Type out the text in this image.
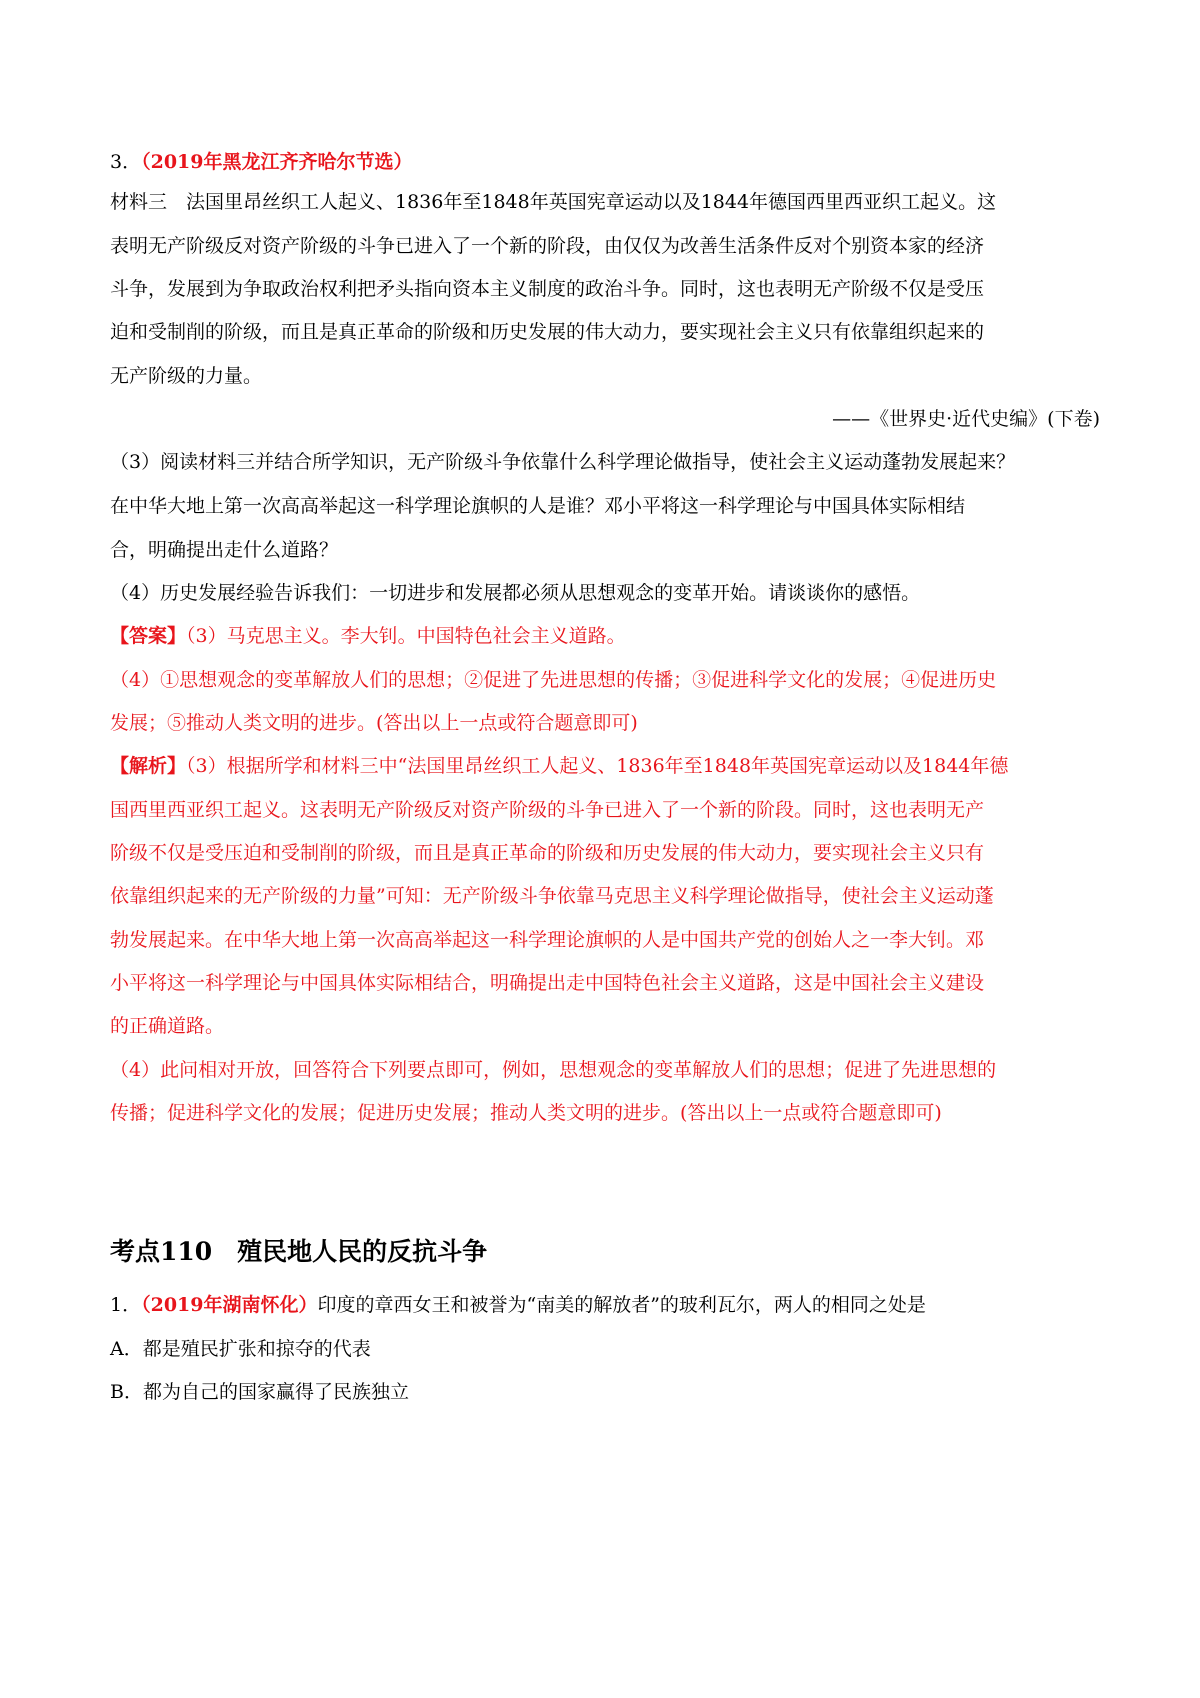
3．（2019年黑龙江齐齐哈尔节选）

材料三　法国里昂丝织工人起义、1836年至1848年英国宪章运动以及1844年德国西里西亚织工起义。这

表明无产阶级反对资产阶级的斗争已进入了一个新的阶段，由仅仅为改善生活条件反对个别资本家的经济

斗争，发展到为争取政治权利把矛头指向资本主义制度的政治斗争。同时，这也表明无产阶级不仅是受压

迫和受制削的阶级，而且是真正革命的阶级和历史发展的伟大动力，要实现社会主义只有依靠组织起来的

无产阶级的力量。

——《世界史·近代史编》(下卷)

（3）阅读材料三并结合所学知识，无产阶级斗争依靠什么科学理论做指导，使社会主义运动蓬勃发展起来？

在中华大地上第一次高高举起这一科学理论旗帜的人是谁？邓小平将这一科学理论与中国具体实际相结

合，明确提出走什么道路？

（4）历史发展经验告诉我们：一切进步和发展都必须从思想观念的变革开始。请谈谈你的感悟。

【答案】（3）马克思主义。李大钊。中国特色社会主义道路。

（4）①思想观念的变革解放人们的思想；②促进了先进思想的传播；③促进科学文化的发展；④促进历史

发展；⑤推动人类文明的进步。(答出以上一点或符合题意即可)

【解析】（3）根据所学和材料三中“法国里昂丝织工人起义、1836年至1848年英国宪章运动以及1844年德

国西里西亚织工起义。这表明无产阶级反对资产阶级的斗争已进入了一个新的阶段。同时，这也表明无产

阶级不仅是受压迫和受制削的阶级，而且是真正革命的阶级和历史发展的伟大动力，要实现社会主义只有

依靠组织起来的无产阶级的力量”可知：无产阶级斗争依靠马克思主义科学理论做指导，使社会主义运动蓬

勃发展起来。在中华大地上第一次高高举起这一科学理论旗帜的人是中国共产党的创始人之一李大钊。邓

小平将这一科学理论与中国具体实际相结合，明确提出走中国特色社会主义道路，这是中国社会主义建设

的正确道路。

（4）此问相对开放，回答符合下列要点即可，例如，思想观念的变革解放人们的思想；促进了先进思想的

传播；促进科学文化的发展；促进历史发展；推动人类文明的进步。(答出以上一点或符合题意即可)

考点110　殖民地人民的反抗斗争

1．（2019年湖南怀化）印度的章西女王和被誉为“南美的解放者”的玻利瓦尔，两人的相同之处是

A．都是殖民扩张和掠夺的代表

B．都为自己的国家赢得了民族独立
